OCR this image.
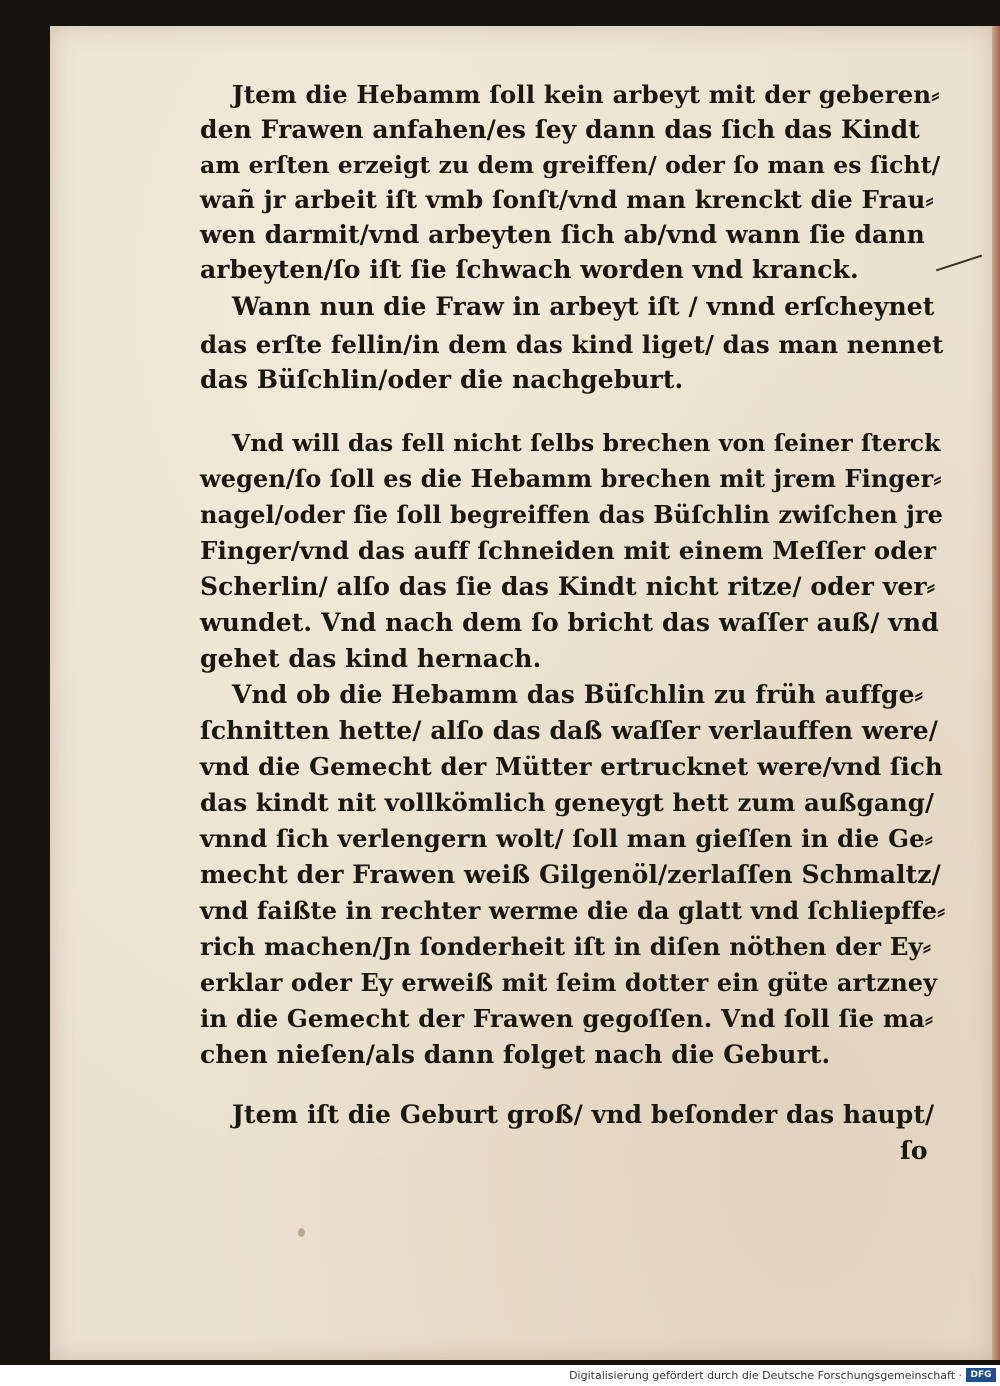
Jtem die Hebamm ſoll kein arbeyt mit der geberen⸗
den Frawen anfahen/es ſey dann das ſich das Kindt
am erſten erzeigt zu dem greiffen/ oder ſo man es ſicht/
wañ jr arbeit iſt vmb ſonſt/vnd man krenckt die Frau⸗
wen darmit/vnd arbeyten ſich ab/vnd wann ſie dann
arbeyten/ſo iſt ſie ſchwach worden vnd kranck.
Wann nun die Fraw in arbeyt iſt / vnnd erſcheynet
das erſte fellin/in dem das kind liget/ das man nennet
das Büſchlin/oder die nachgeburt.
Vnd will das fell nicht ſelbs brechen von ſeiner ſterck
wegen/ſo ſoll es die Hebamm brechen mit jrem Finger⸗
nagel/oder ſie ſoll begreiffen das Büſchlin zwiſchen jre
Finger/vnd das auff ſchneiden mit einem Meſſer oder
Scherlin/ alſo das ſie das Kindt nicht ritze/ oder ver⸗
wundet. Vnd nach dem ſo bricht das waſſer auß/ vnd
gehet das kind hernach.
Vnd ob die Hebamm das Büſchlin zu früh auffge⸗
ſchnitten hette/ alſo das daß waſſer verlauffen were/
vnd die Gemecht der Mütter ertrucknet were/vnd ſich
das kindt nit vollkömlich geneygt hett zum außgang/
vnnd ſich verlengern wolt/ ſoll man gieſſen in die Ge⸗
mecht der Frawen weiß Gilgenöl/zerlaſſen Schmaltz/
vnd faißte in rechter werme die da glatt vnd ſchliepffe⸗
rich machen/Jn ſonderheit iſt in diſen nöthen der Ey⸗
erklar oder Ey erweiß mit ſeim dotter ein güte artzney
in die Gemecht der Frawen gegoſſen. Vnd ſoll ſie ma⸗
chen nieſen/als dann folget nach die Geburt.
Jtem iſt die Geburt groß/ vnd beſonder das haupt/
ſo
Digitalisierung gefördert durch die Deutsche Forschungsgemeinschaft · DFG
